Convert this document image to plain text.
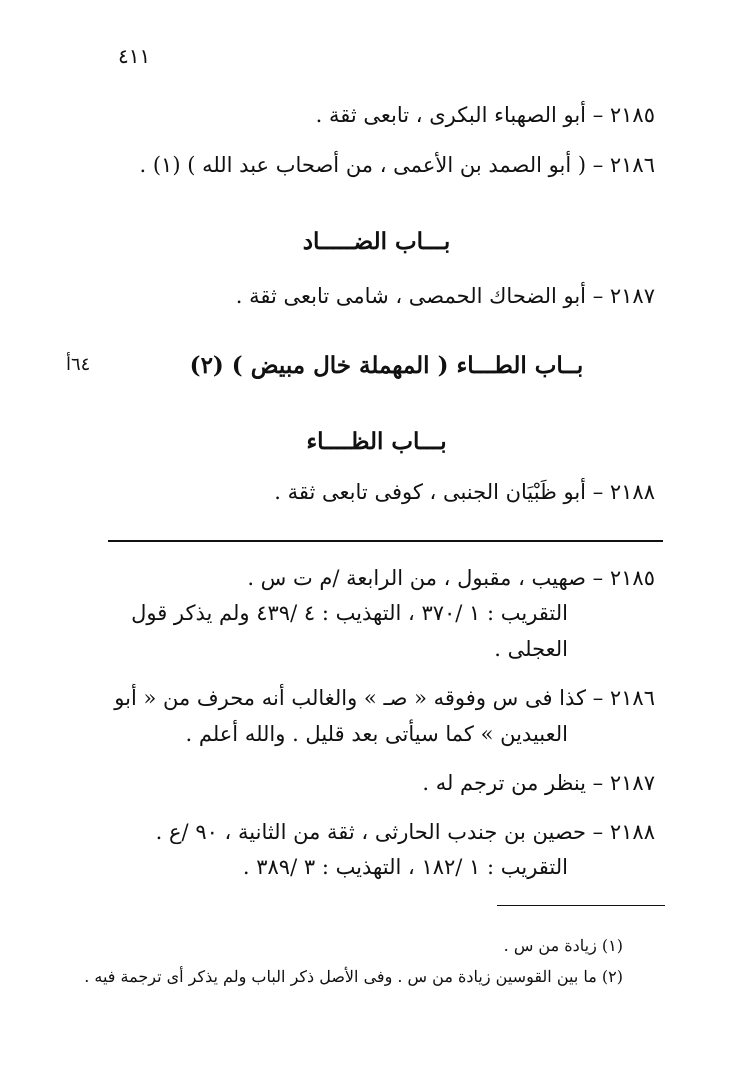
٤١١
٢١٨٥ – أبو الصهباء البكرى ، تابعى ثقة .
٢١٨٦ – ( أبو الصمد بن الأعمى ، من أصحاب عبد الله ) (١) .
بـــاب الضـــــاد
٢١٨٧ – أبو الضحاك الحمصى ، شامى تابعى ثقة .
بــاب الطـــاء ( المهملة خال مبيض ) (٢)
٦٤أ
بـــاب الظــــاء
٢١٨٨ – أبو ظَبْيَان الجنبى ، كوفى تابعى ثقة .
٢١٨٥ – صهيب ، مقبول ، من الرابعة /م ت س .
التقريب : ١ /٣٧٠ ، التهذيب : ٤ /٤٣٩ ولم يذكر قول
العجلى .
٢١٨٦ – كذا فى س وفوقه « صـ » والغالب أنه محرف من « أبو
العبيدين » كما سيأتى بعد قليل . والله أعلم .
٢١٨٧ – ينظر من ترجم له .
٢١٨٨ – حصين بن جندب الحارثى ، ثقة من الثانية ، ٩٠ /ع .
التقريب : ١ /١٨٢ ، التهذيب : ٣ /٣٨٩ .
(١) زيادة من س .
(٢) ما بين القوسين زيادة من س . وفى الأصل ذكر الباب ولم يذكر أى ترجمة فيه .
